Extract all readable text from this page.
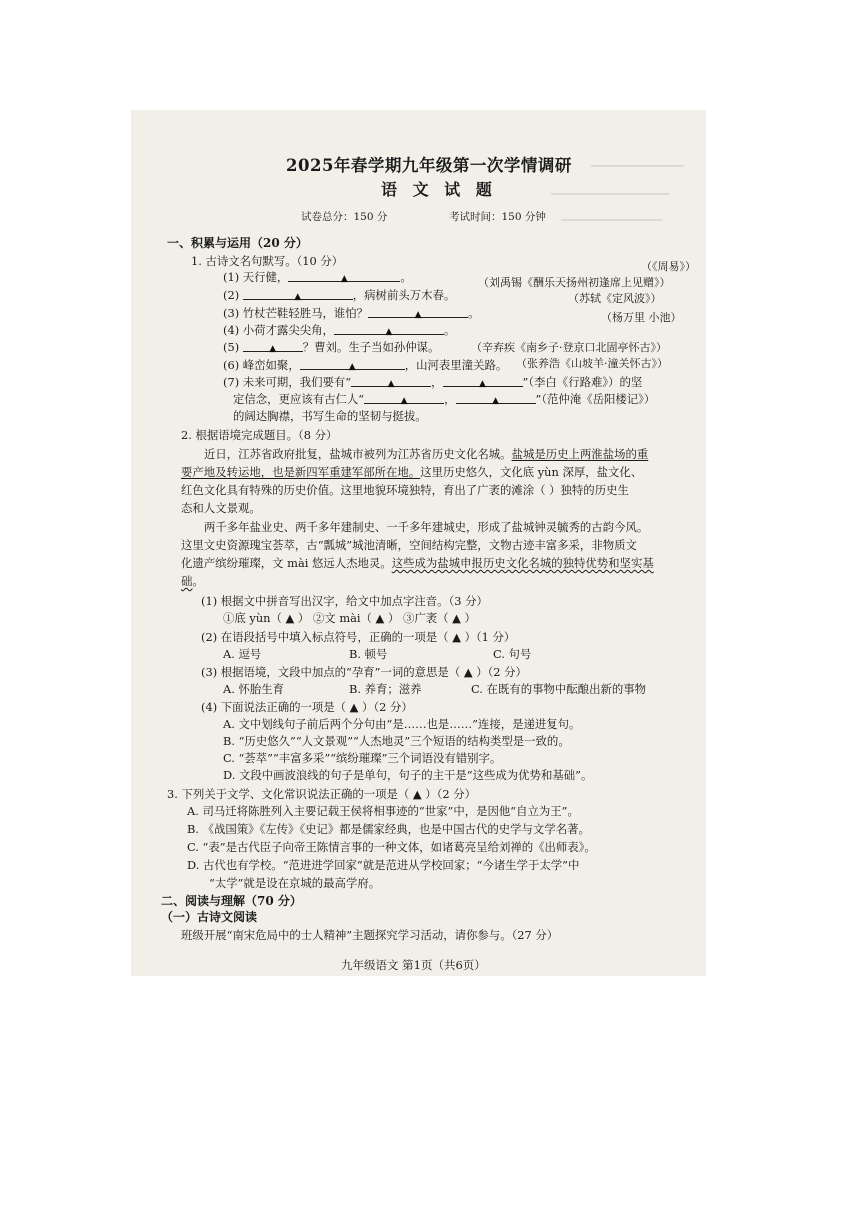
▁▁▁▁▁▁▁▁▁▁▁
▁▁▁▁▁▁▁▁▁▁▁▁▁▁
▁▁▁▁▁▁▁▁▁▁▁▁
2025年春学期九年级第一次学情调研
语 文 试 题
试卷总分：150 分	考试时间：150 分钟
一、积累与运用（20 分）
1. 古诗文名句默写。（10 分）
(1) 天行健，	▲	。
（《周易》）
(2)	▲	，病树前头万木春。
（刘禹锡《酬乐天扬州初逢席上见赠》）
(3) 竹杖芒鞋轻胜马，谁怕？	▲	。
（苏轼《定风波》）
(4) 小荷才露尖尖角，	▲	。
（杨万里 小池）
(5)	▲ ？曹刘。生子当如孙仲谋。	（辛弃疾《南乡子·登京口北固亭怀古》）
(6) 峰峦如聚，	▲	，山河表里潼关路。 （张养浩《山坡羊·潼关怀古》）
(7) 未来可期，我们要有“	▲	，	▲	”（李白《行路难》）的坚
定信念，更应该有古仁人“	▲	，	▲	”（范仲淹《岳阳楼记》）
的阔达胸襟，书写生命的坚韧与挺拔。
2. 根据语境完成题目。（8 分）
近日，江苏省政府批复，盐城市被列为江苏省历史文化名城。盐城是历史上两淮盐场的重
要产地及转运地，也是新四军重建军部所在地。这里历史悠久，文化底 yùn 深厚，盐文化、
红色文化具有特殊的历史价值。这里地貌环境独特，育出了广袤的滩涂（ ）独特的历史生
态和人文景观。
两千多年盐业史、两千多年建制史、一千多年建城史，形成了盐城钟灵毓秀的古韵今风。
这里文史资源瑰宝荟萃，古“瓢城”城池清晰，空间结构完整，文物古迹丰富多采，非物质文
化遗产缤纷璀璨，文 mài 悠远人杰地灵。这些成为盐城申报历史文化名城的独特优势和坚实基
础。
(1) 根据文中拼音写出汉字，给文中加点字注音。（3 分）
①底 yùn（ ▲ ） ②文 mài（ ▲ ） ③广袤（ ▲ ）
(2) 在语段括号中填入标点符号，正确的一项是（ ▲ ）（1 分）
A. 逗号	B. 顿号	C. 句号
(3) 根据语境，文段中加点的“孕育”一词的意思是（ ▲ ）（2 分）
A. 怀胎生育	B. 养育；滋养	C. 在既有的事物中酝酿出新的事物
(4) 下面说法正确的一项是（ ▲ ）（2 分）
A. 文中划线句子前后两个分句由“是……也是……”连接，是递进复句。
B. “历史悠久”“人文景观”“人杰地灵”三个短语的结构类型是一致的。
C. “荟萃”“丰富多采”“缤纷璀璨”三个词语没有错别字。
D. 文段中画波浪线的句子是单句，句子的主干是“这些成为优势和基础”。
3. 下列关于文学、文化常识说法正确的一项是（ ▲ ）（2 分）
A. 司马迁将陈胜列入主要记载王侯将相事迹的“世家”中，是因他“自立为王”。
B. 《战国策》《左传》《史记》都是儒家经典，也是中国古代的史学与文学名著。
C. “表”是古代臣子向帝王陈情言事的一种文体，如诸葛亮呈给刘禅的《出师表》。
D. 古代也有学校。“范进进学回家”就是范进从学校回家；“今诸生学于太学”中
“太学”就是设在京城的最高学府。
二、阅读与理解（70 分）
（一）古诗文阅读
班级开展“南宋危局中的士人精神”主题探究学习活动，请你参与。（27 分）
九年级语文 第1页（共6页）
